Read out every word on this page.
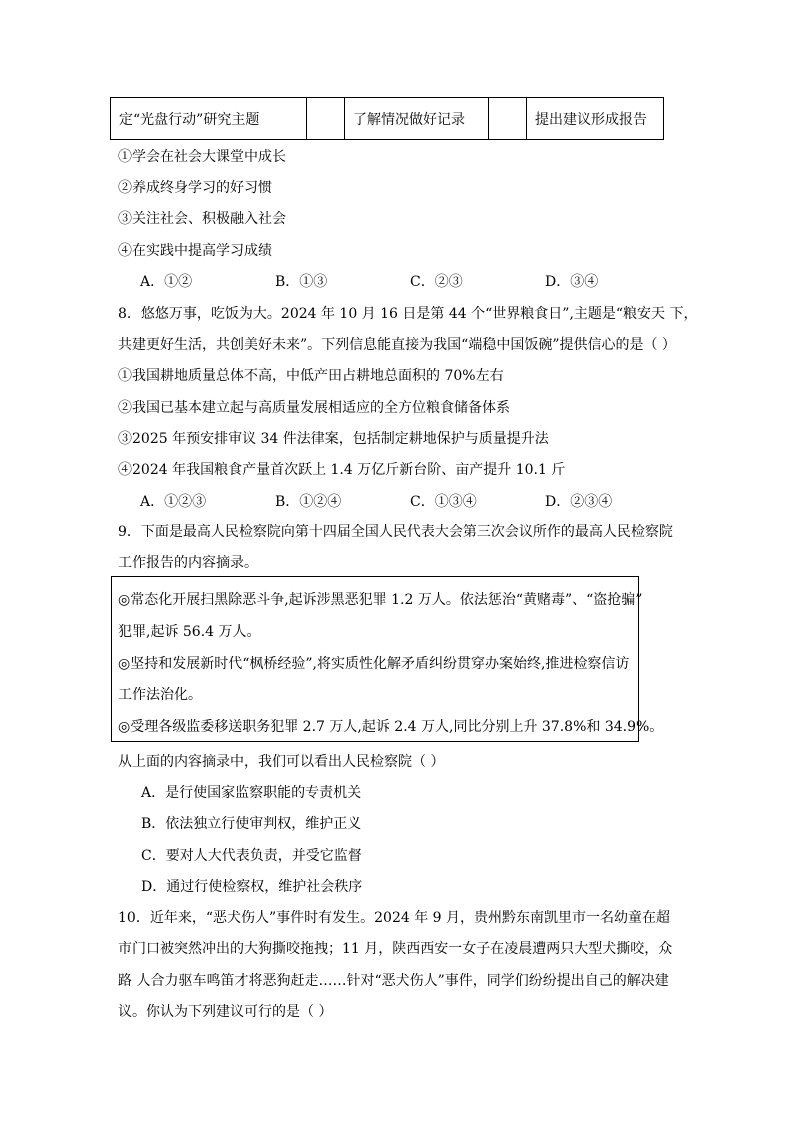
定“光盘行动”研究主题		了解情况做好记录		提出建议形成报告
①学会在社会大课堂中成长
②养成终身学习的好习惯
③关注社会、积极融入社会
④在实践中提高学习成绩
A．①②	B．①③	C．②③	D．③④
8．悠悠万事，吃饭为大。2024 年 10 月 16 日是第 44 个“世界粮食日”,主题是“粮安天 下，
共建更好生活，共创美好未来”。下列信息能直接为我国“端稳中国饭碗”提供信心的是（ ）
①我国耕地质量总体不高，中低产田占耕地总面积的 70%左右
②我国已基本建立起与高质量发展相适应的全方位粮食储备体系
③2025 年预安排审议 34 件法律案，包括制定耕地保护与质量提升法
④2024 年我国粮食产量首次跃上 1.4 万亿斤新台阶、亩产提升 10.1 斤
A．①②③	B．①②④	C．①③④	D．②③④
9．下面是最高人民检察院向第十四届全国人民代表大会第三次会议所作的最高人民检察院
工作报告的内容摘录。
◎常态化开展扫黑除恶斗争,起诉涉黑恶犯罪 1.2 万人。依法惩治“黄赌毒”、“盗抢骗”
犯罪,起诉 56.4 万人。
◎坚持和发展新时代“枫桥经验”,将实质性化解矛盾纠纷贯穿办案始终,推进检察信访
工作法治化。
◎受理各级监委移送职务犯罪 2.7 万人,起诉 2.4 万人,同比分别上升 37.8%和 34.9%。
从上面的内容摘录中，我们可以看出人民检察院（ ）
A．是行使国家监察职能的专责机关
B．依法独立行使审判权，维护正义
C．要对人大代表负责，并受它监督
D．通过行使检察权，维护社会秩序
10．近年来，“恶犬伤人”事件时有发生。2024 年 9 月，贵州黔东南凯里市一名幼童在超
市门口被突然冲出的大狗撕咬拖拽；11 月，陕西西安一女子在凌晨遭两只大型犬撕咬，众
路 人合力驱车鸣笛才将恶狗赶走……针对“恶犬伤人”事件，同学们纷纷提出自己的解决建
议。你认为下列建议可行的是（ ）
